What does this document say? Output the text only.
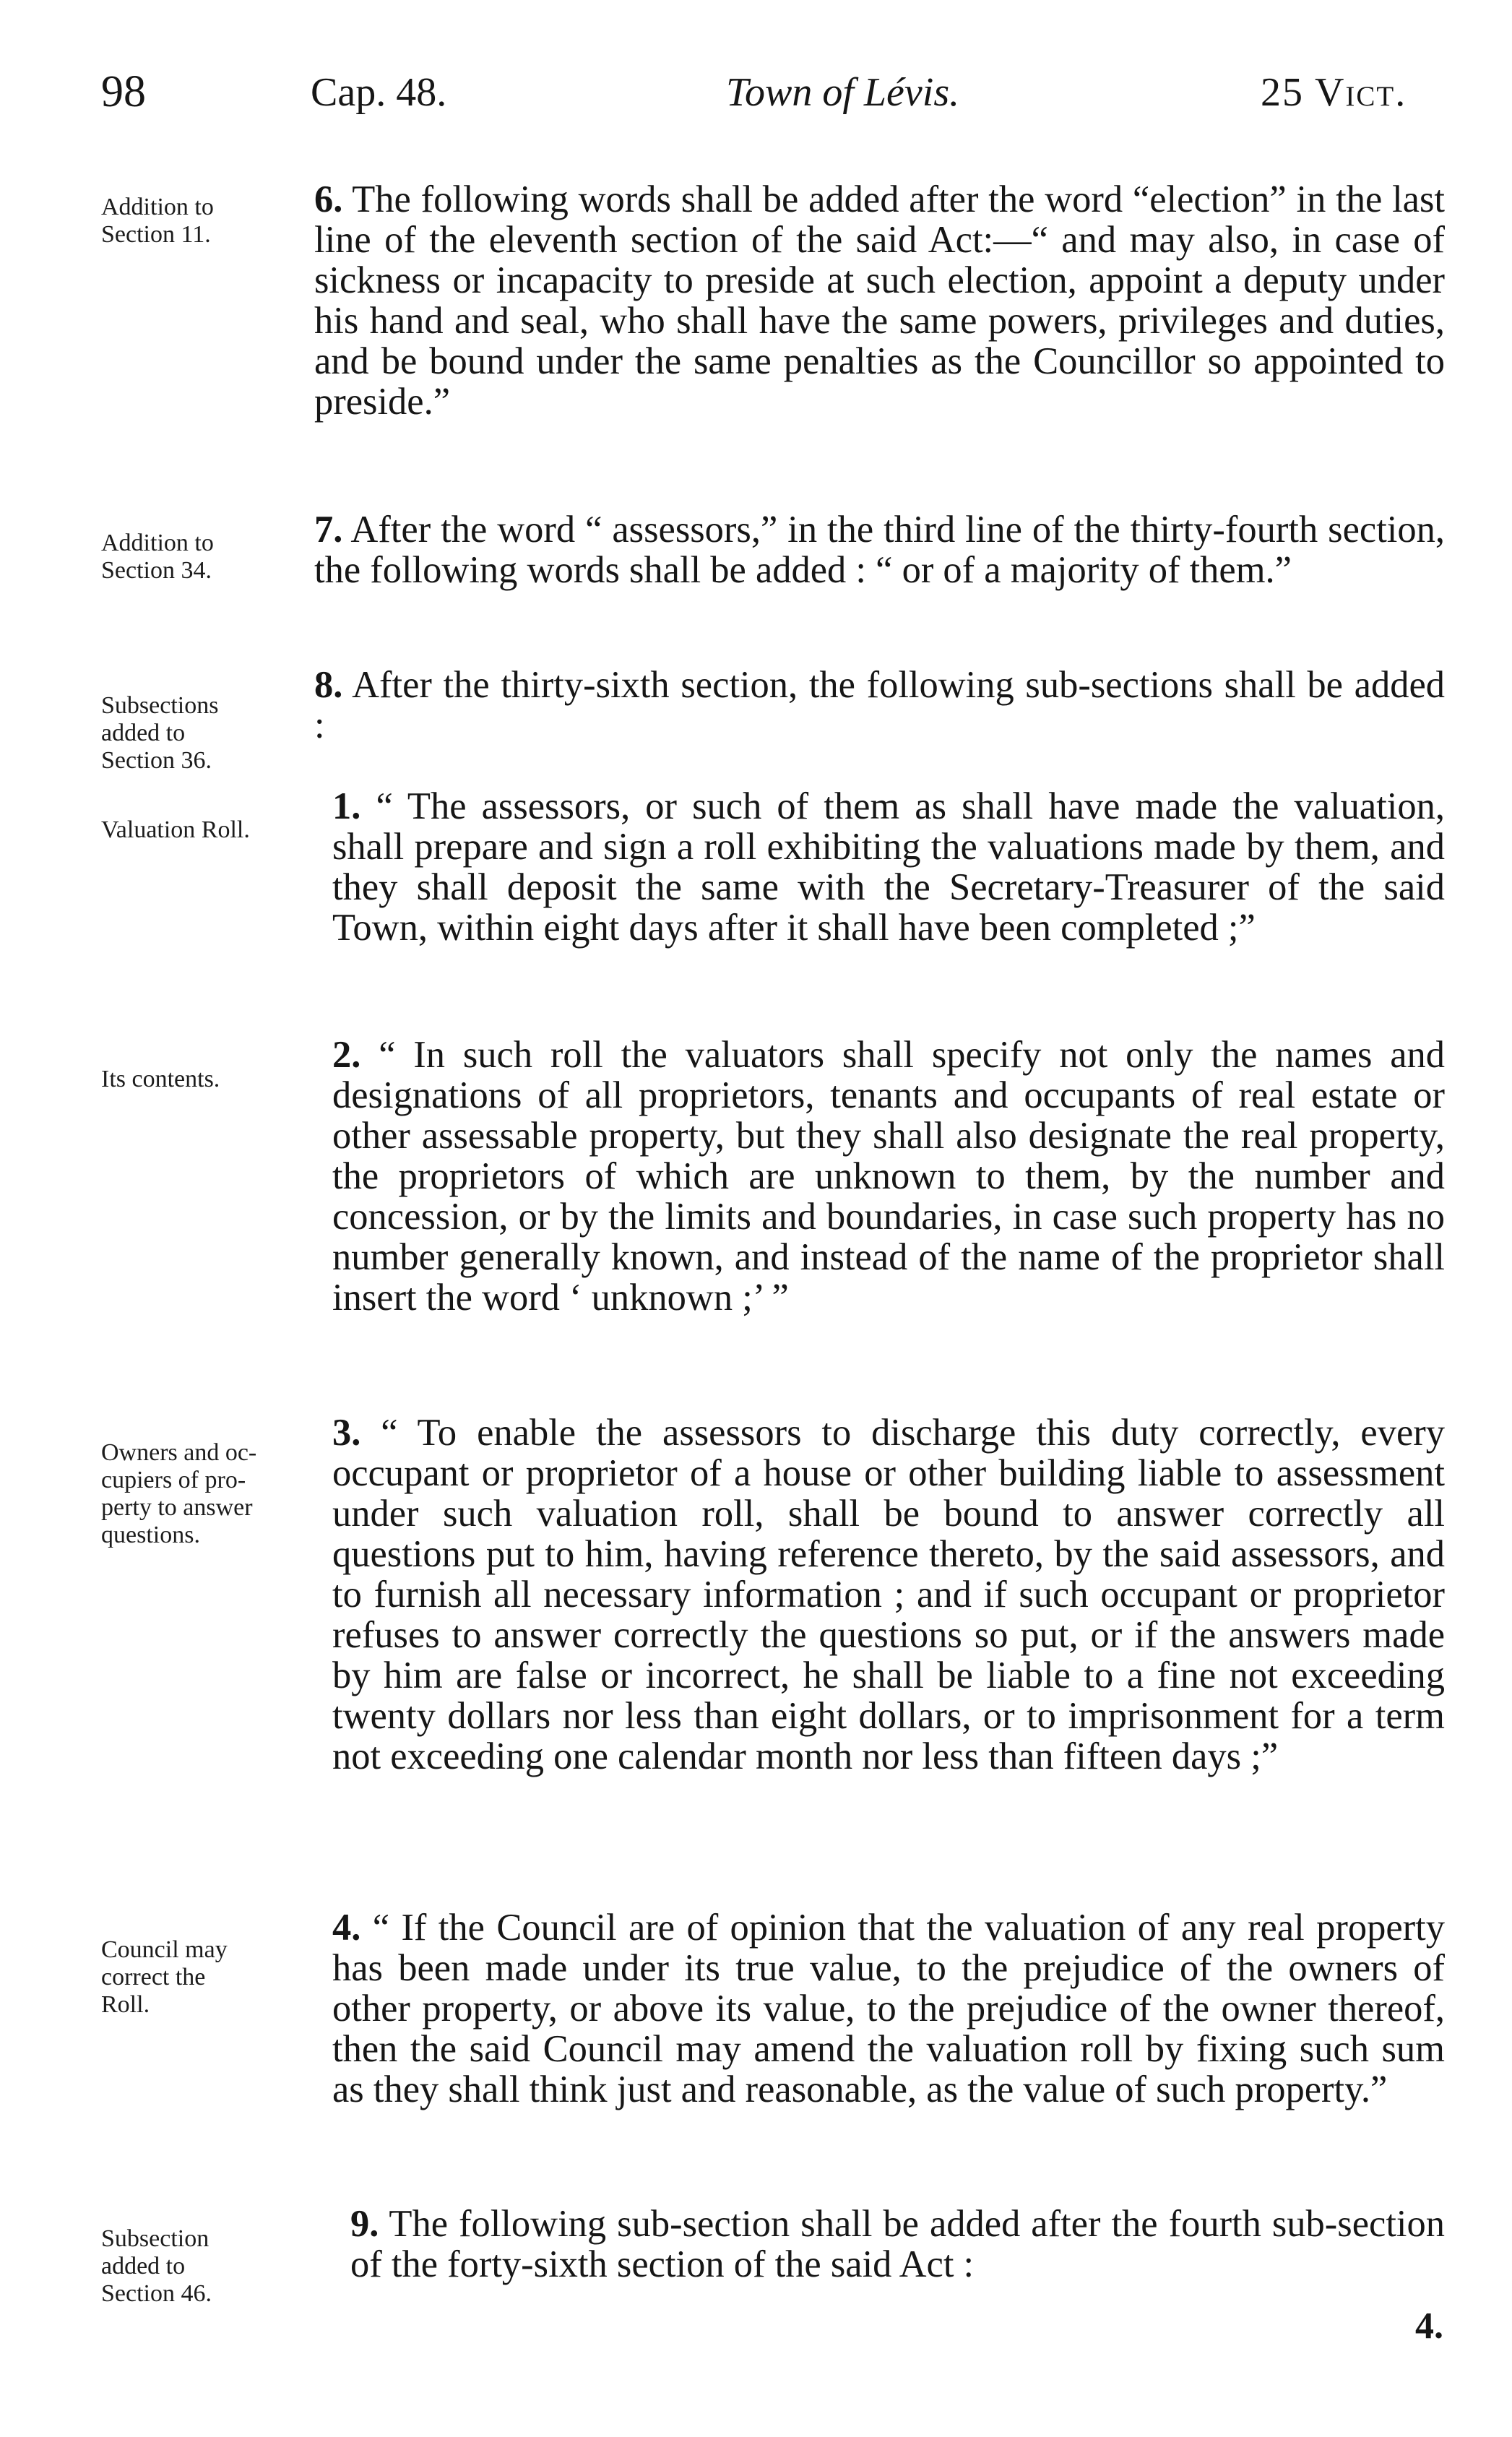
98	Cap. 48.	Town of Lévis.	25 Vict.
Addition to
Section 11.
6. The following words shall be added after the word “election” in the last line of the eleventh section of the said Act:—“ and may also, in case of sickness or incapacity to preside at such election, appoint a deputy under his hand and seal, who shall have the same powers, privileges and duties, and be bound under the same penalties as the Councillor so appointed to preside.”
Addition to
Section 34.
7. After the word “ assessors,” in the third line of the thirty-fourth section, the following words shall be added : “ or of a majority of them.”
Subsections
added to
Section 36.
8. After the thirty-sixth section, the following sub-sections shall be added :
Valuation Roll.
1. “ The assessors, or such of them as shall have made the valuation, shall prepare and sign a roll exhibiting the valuations made by them, and they shall deposit the same with the Secretary-Treasurer of the said Town, within eight days after it shall have been completed ;”
Its contents.
2. “ In such roll the valuators shall specify not only the names and designations of all proprietors, tenants and occupants of real estate or other assessable property, but they shall also designate the real property, the proprietors of which are unknown to them, by the number and concession, or by the limits and boundaries, in case such property has no number generally known, and instead of the name of the proprietor shall insert the word ‘ unknown ;’ ”
Owners and oc-
cupiers of pro-
perty to answer
questions.
3. “ To enable the assessors to discharge this duty correctly, every occupant or proprietor of a house or other building liable to assessment under such valuation roll, shall be bound to answer correctly all questions put to him, having reference thereto, by the said assessors, and to furnish all necessary information ; and if such occupant or proprietor refuses to answer correctly the questions so put, or if the answers made by him are false or incorrect, he shall be liable to a fine not exceeding twenty dollars nor less than eight dollars, or to imprisonment for a term not exceeding one calendar month nor less than fifteen days ;”
Council may
correct the
Roll.
4. “ If the Council are of opinion that the valuation of any real property has been made under its true value, to the prejudice of the owners of other property, or above its value, to the prejudice of the owner thereof, then the said Council may amend the valuation roll by fixing such sum as they shall think just and reasonable, as the value of such property.”
Subsection
added to
Section 46.
9. The following sub-section shall be added after the fourth sub-section of the forty-sixth section of the said Act :
4.
